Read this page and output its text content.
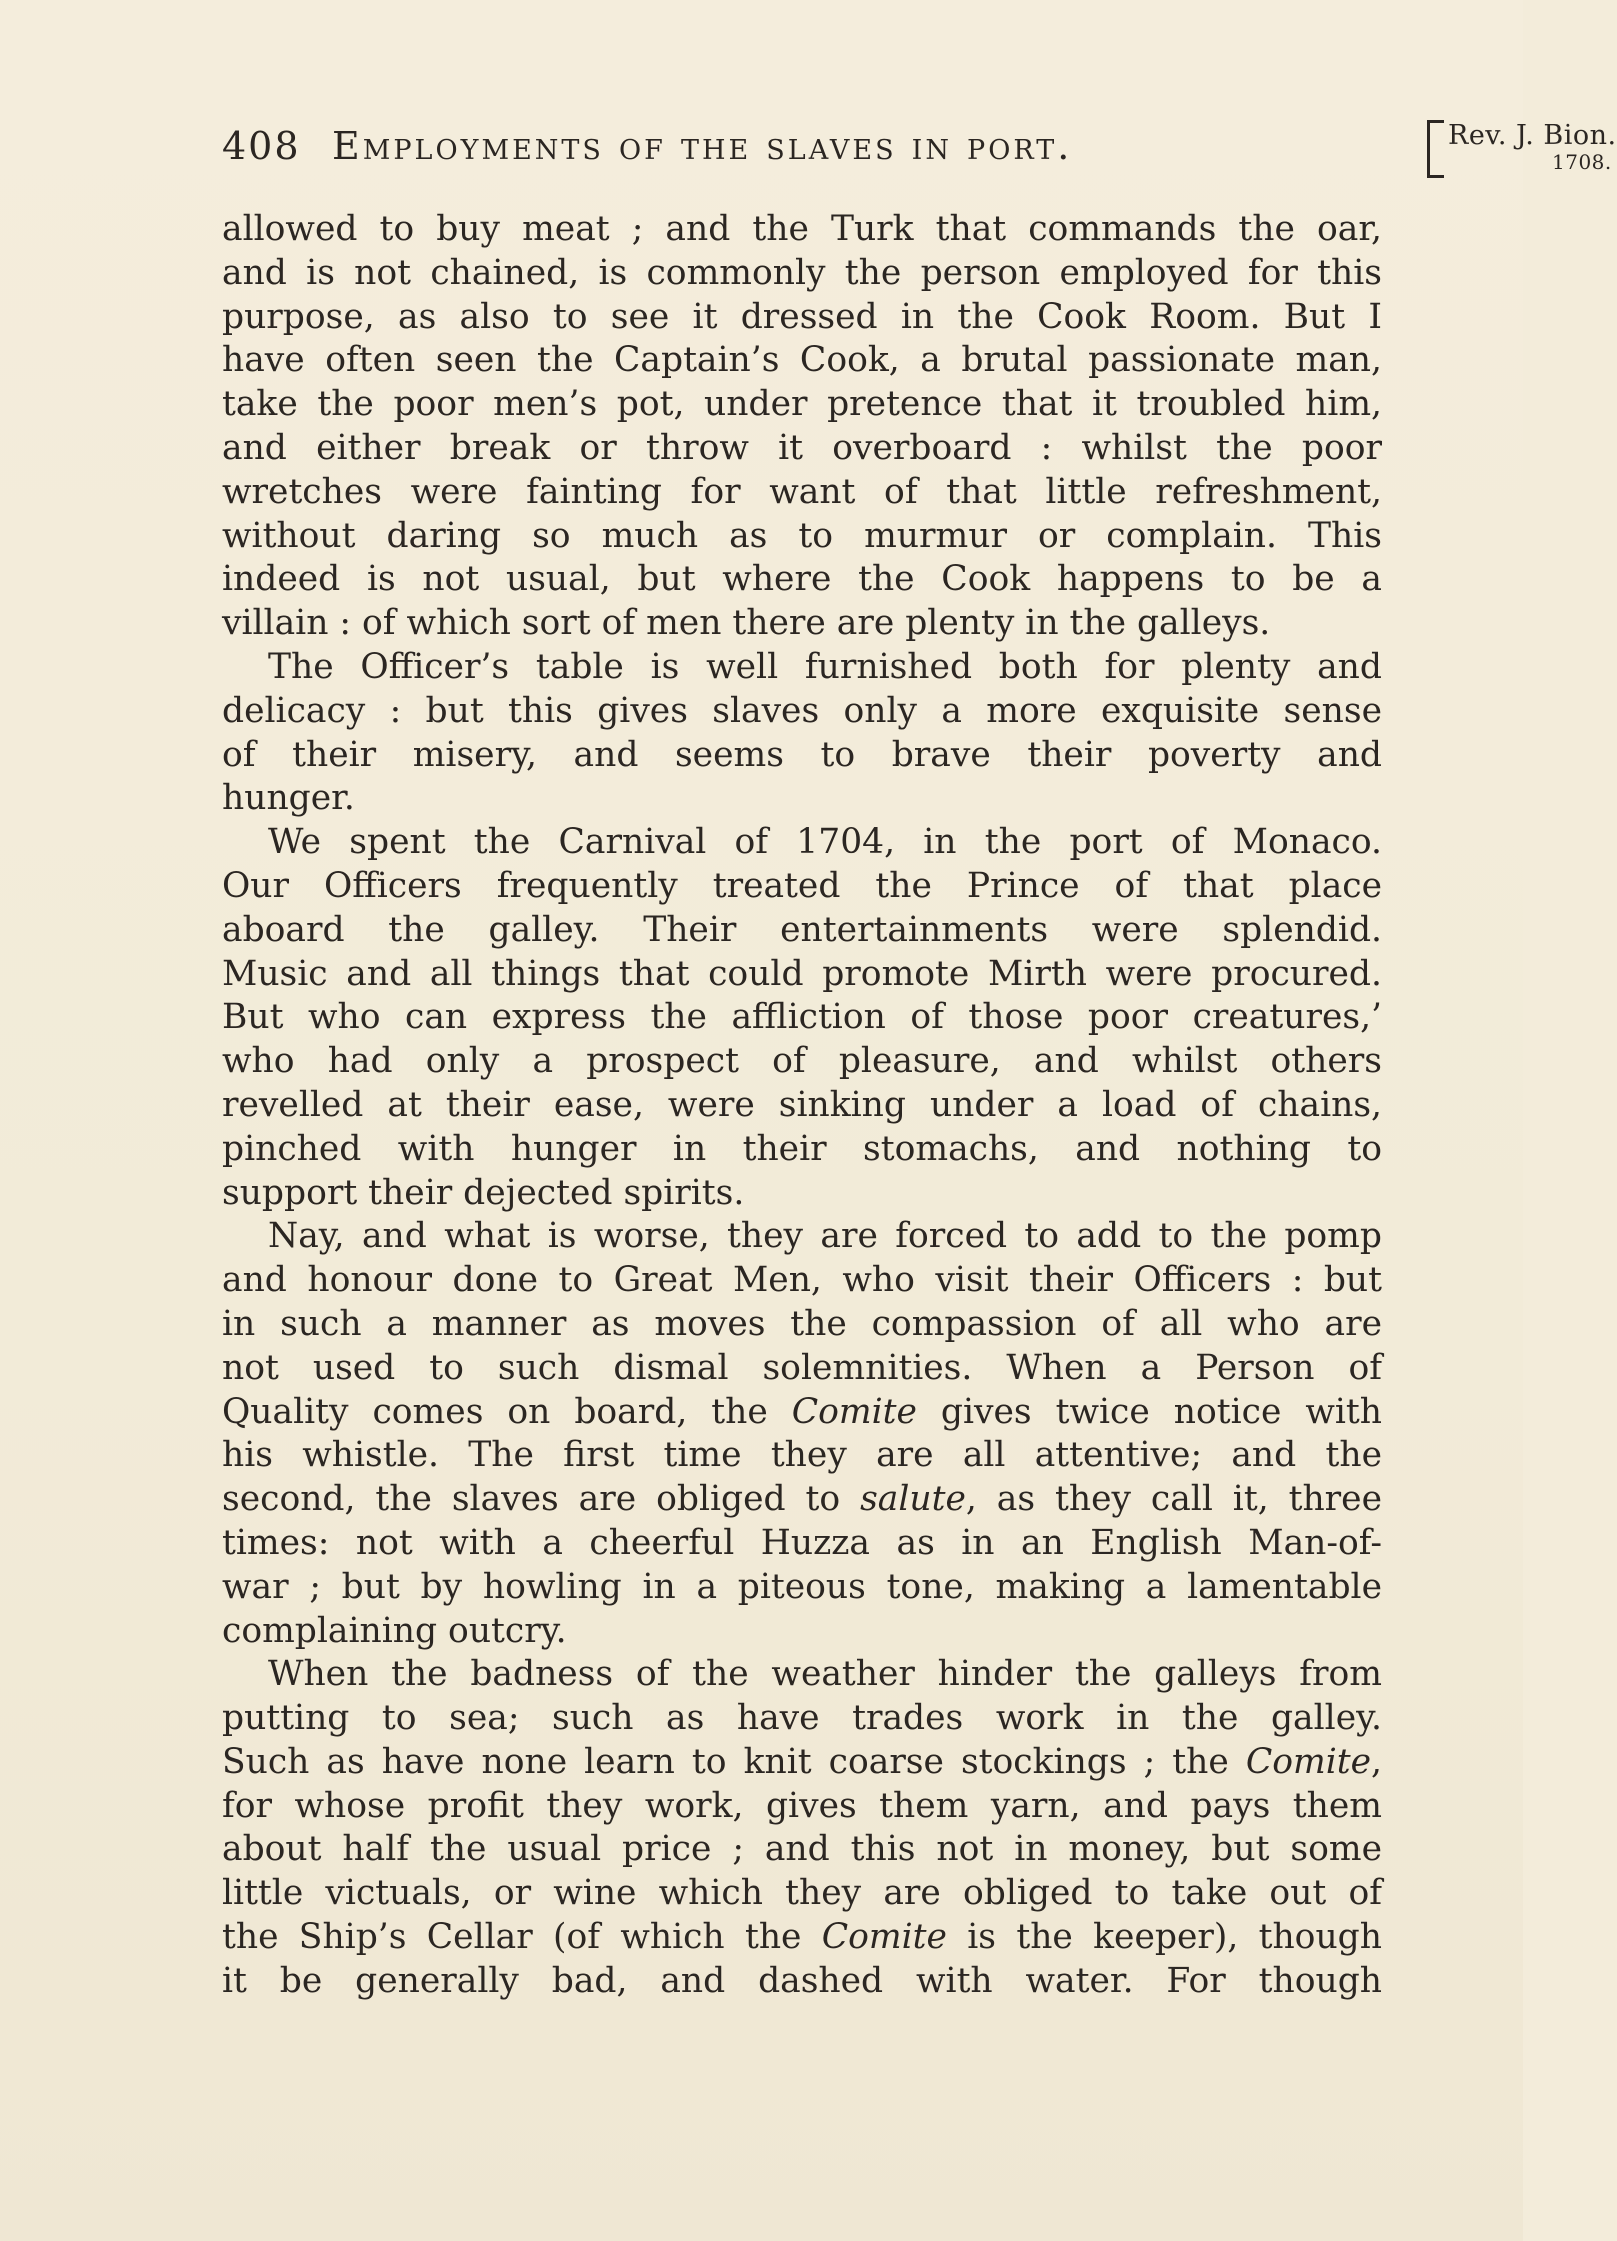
408 Employments of the slaves in port.	Rev. J. Bion.
1708.
allowed to buy meat ; and the Turk that commands the oar,
and is not chained, is commonly the person employed for this
purpose, as also to see it dressed in the Cook Room. But I
have often seen the Captain’s Cook, a brutal passionate man,
take the poor men’s pot, under pretence that it troubled him,
and either break or throw it overboard : whilst the poor
wretches were fainting for want of that little refreshment,
without daring so much as to murmur or complain. This
indeed is not usual, but where the Cook happens to be a
villain : of which sort of men there are plenty in the galleys.
The Officer’s table is well furnished both for plenty and
delicacy : but this gives slaves only a more exquisite sense
of their misery, and seems to brave their poverty and
hunger.
We spent the Carnival of 1704, in the port of Monaco.
Our Officers frequently treated the Prince of that place
aboard the galley. Their entertainments were splendid.
Music and all things that could promote Mirth were procured.
But who can express the affliction of those poor creatures,’
who had only a prospect of pleasure, and whilst others
revelled at their ease, were sinking under a load of chains,
pinched with hunger in their stomachs, and nothing to
support their dejected spirits.
Nay, and what is worse, they are forced to add to the pomp
and honour done to Great Men, who visit their Officers : but
in such a manner as moves the compassion of all who are
not used to such dismal solemnities. When a Person of
Quality comes on board, the Comite gives twice notice with
his whistle. The first time they are all attentive; and the
second, the slaves are obliged to salute, as they call it, three
times: not with a cheerful Huzza as in an English Man-of-
war ; but by howling in a piteous tone, making a lamentable
complaining outcry.
When the badness of the weather hinder the galleys from
putting to sea; such as have trades work in the galley.
Such as have none learn to knit coarse stockings ; the Comite,
for whose profit they work, gives them yarn, and pays them
about half the usual price ; and this not in money, but some
little victuals, or wine which they are obliged to take out of
the Ship’s Cellar (of which the Comite is the keeper), though
it be generally bad, and dashed with water. For though
